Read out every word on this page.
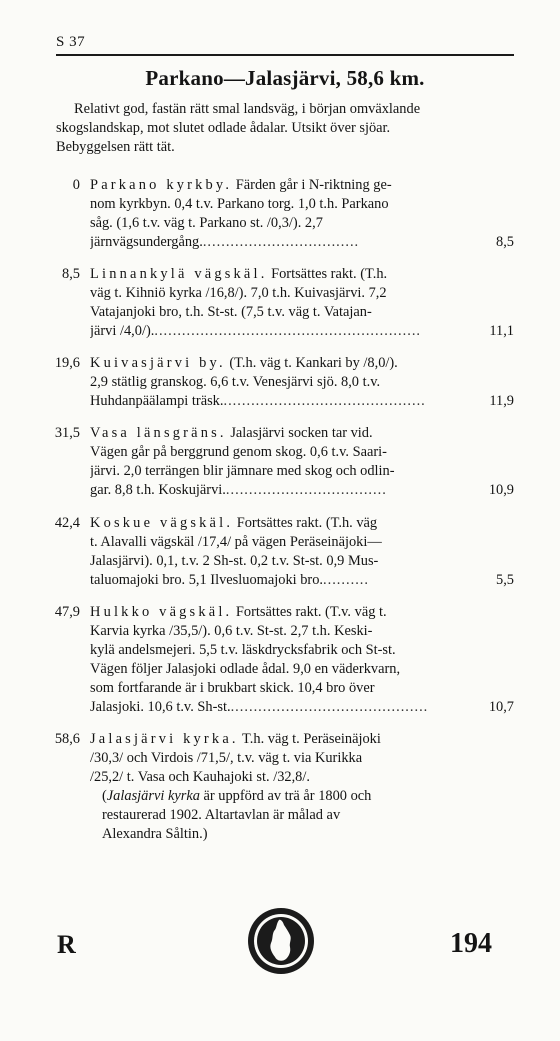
S 37
Parkano—Jalasjärvi, 58,6 km.
Relativt god, fastän rätt smal landsväg, i början omväxlande
skogslandskap, mot slutet odlade ådalar. Utsikt över sjöar.
Bebyggelsen rätt tät.
0 Parkano kyrkby. Färden går i N-riktning ge-
nom kyrkbyn. 0,4 t.v. Parkano torg. 1,0 t.h. Parkano
såg. (1,6 t.v. väg t. Parkano st. /0,3/). 2,7
järnvägsundergång...................................	8,5
8,5 Linnankylä vägskäl. Fortsättes rakt. (T.h.
väg t. Kihniö kyrka /16,8/). 7,0 t.h. Kuivasjärvi. 7,2
Vatajanjoki bro, t.h. St-st. (7,5 t.v. väg t. Vatajan-
järvi /4,0/)...........................................................	11,1
19,6 Kuivasjärvi by. (T.h. väg t. Kankari by /8,0/).
2,9 stätlig granskog. 6,6 t.v. Venesjärvi sjö. 8,0 t.v.
Huhdanpäälampi träsk.............................................	11,9
31,5 Vasa länsgräns. Jalasjärvi socken tar vid.
Vägen går på berggrund genom skog. 0,6 t.v. Saari-
järvi. 2,0 terrängen blir jämnare med skog och odlin-
gar. 8,8 t.h. Koskujärvi....................................	10,9
42,4 Koskue vägskäl. Fortsättes rakt. (T.h. väg
t. Alavalli vägskäl /17,4/ på vägen Peräseinäjoki—
Jalasjärvi). 0,1, t.v. 2 Sh-st. 0,2 t.v. St-st. 0,9 Mus-
taluomajoki bro. 5,1 Ilvesluomajoki bro...........	5,5
47,9 Hulkko vägskäl. Fortsättes rakt. (T.v. väg t.
Karvia kyrka /35,5/). 0,6 t.v. St-st. 2,7 t.h. Keski-
kylä andelsmejeri. 5,5 t.v. läskdrycksfabrik och St-st.
Vägen följer Jalasjoki odlade ådal. 9,0 en väderkvarn,
som fortfarande är i brukbart skick. 10,4 bro över
Jalasjoki. 10,6 t.v. Sh-st............................................	10,7
58,6 Jalasjärvi kyrka. T.h. väg t. Peräseinäjoki
/30,3/ och Virdois /71,5/, t.v. väg t. via Kurikka
/25,2/ t. Vasa och Kauhajoki st. /32,8/.
(Jalasjärvi kyrka är uppförd av trä år 1800 och
restaurerad 1902. Altartavlan är målad av
Alexandra Såltin.)
R	194
